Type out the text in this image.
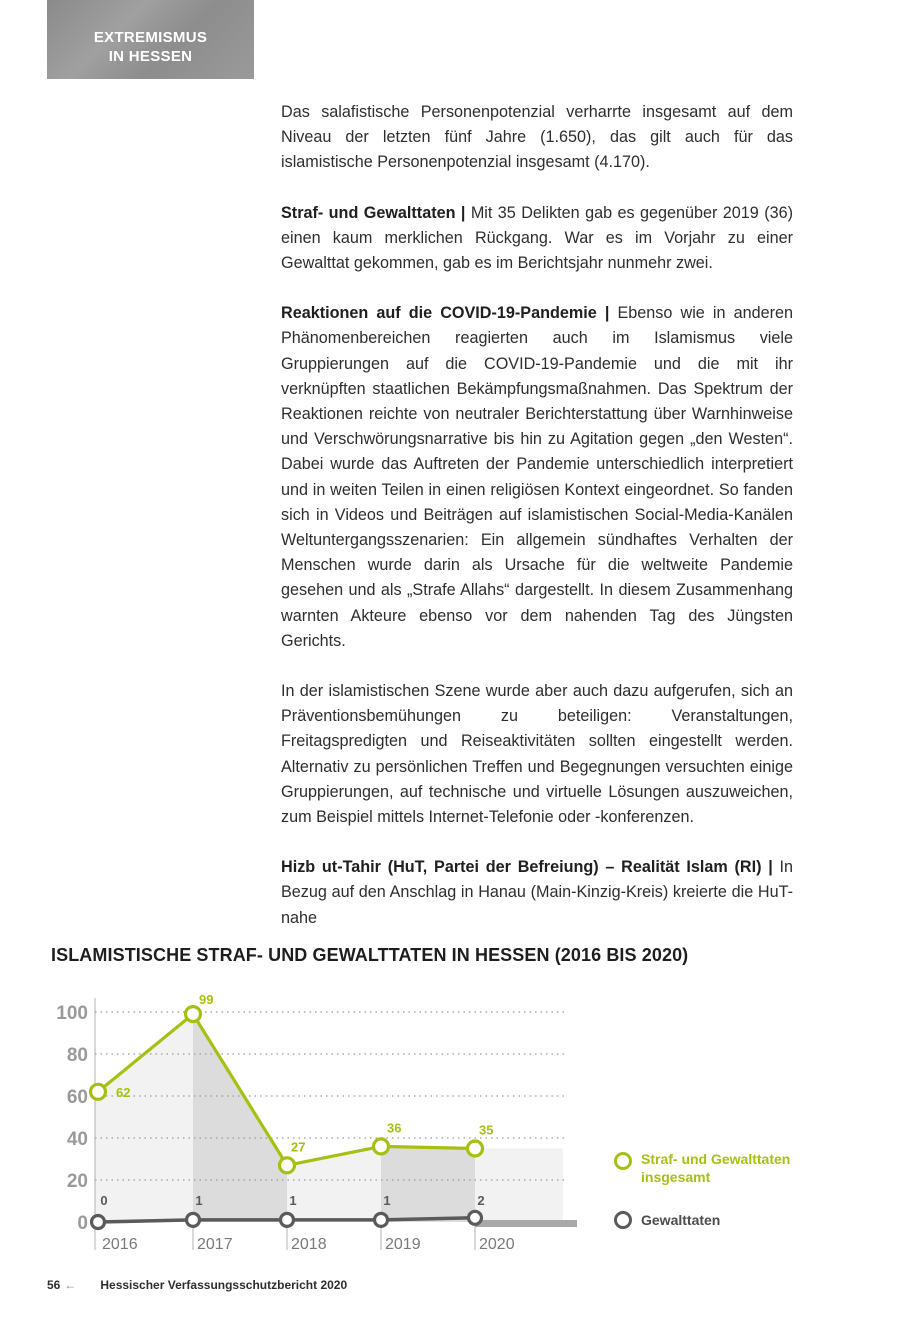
EXTREMISMUS
IN HESSEN

Das salafistische Personenpotenzial verharrte insgesamt auf dem Niveau der letzten fünf Jahre (1.650), das gilt auch für das islamistische Personenpotenzial insgesamt (4.170).

Straf- und Gewalttaten | Mit 35 Delikten gab es gegenüber 2019 (36) einen kaum merklichen Rückgang. War es im Vorjahr zu einer Gewalttat gekommen, gab es im Berichtsjahr nunmehr zwei.

Reaktionen auf die COVID-19-Pandemie | Ebenso wie in anderen Phänomenbereichen reagierten auch im Islamismus viele Gruppierungen auf die COVID-19-Pandemie und die mit ihr verknüpften staatlichen Bekämpfungsmaßnahmen. Das Spektrum der Reaktionen reichte von neutraler Berichterstattung über Warnhinweise und Verschwörungsnarrative bis hin zu Agitation gegen „den Westen“. Dabei wurde das Auftreten der Pandemie unterschiedlich interpretiert und in weiten Teilen in einen religiösen Kontext eingeordnet. So fanden sich in Videos und Beiträgen auf islamistischen Social-Media-Kanälen Weltuntergangsszenarien: Ein allgemein sündhaftes Verhalten der Menschen wurde darin als Ursache für die weltweite Pandemie gesehen und als „Strafe Allahs“ dargestellt. In diesem Zusammenhang warnten Akteure ebenso vor dem nahenden Tag des Jüngsten Gerichts.

In der islamistischen Szene wurde aber auch dazu aufgerufen, sich an Präventionsbemühungen zu beteiligen: Veranstaltungen, Freitagspredigten und Reiseaktivitäten sollten eingestellt werden. Alternativ zu persönlichen Treffen und Begegnungen versuchten einige Gruppierungen, auf technische und virtuelle Lösungen auszuweichen, zum Beispiel mittels Internet-Telefonie oder -konferenzen.

Hizb ut-Tahir (HuT, Partei der Befreiung) – Realität Islam (RI) | In Bezug auf den Anschlag in Hanau (Main-Kinzig-Kreis) kreierte die HuT-nahe

ISLAMISTISCHE STRAF- UND GEWALTTATEN IN HESSEN (2016 BIS 2020)
0
20
40
60
80
100
2016	2017	2018	2019	2020
62
99
27
36	35
0	1	1	1	2
Straf- und Gewalttaten insgesamt
Gewalttaten
56 ← Hessischer Verfassungsschutzbericht 2020
